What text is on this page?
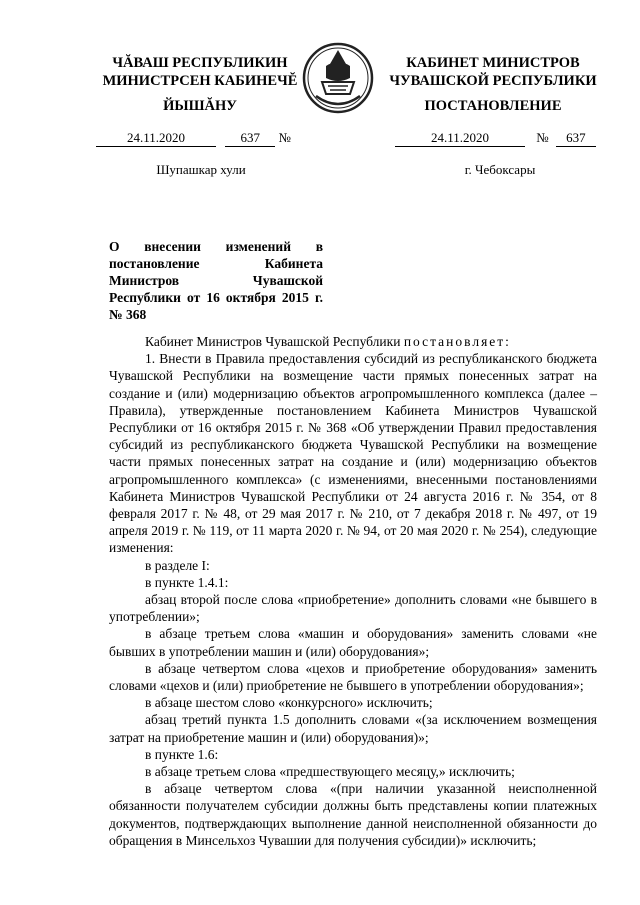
ЧĂВАШ РЕСПУБЛИКИН
МИНИСТРСЕН КАБИНЕЧĔ
ЙЫШĂНУ
24.11.2020	637 №
Шупашкар хули
КАБИНЕТ МИНИСТРОВ
ЧУВАШСКОЙ РЕСПУБЛИКИ
ПОСТАНОВЛЕНИЕ
24.11.2020	№ 637
г. Чебоксары
О внесении изменений в постановление Кабинета Министров Чувашской Республики от 16 октября 2015 г. № 368

Кабинет Министров Чувашской Республики постановляет:

1. Внести в Правила предоставления субсидий из республиканского бюджета Чувашской Республики на возмещение части прямых понесенных затрат на создание и (или) модернизацию объектов агропромышленного комплекса (далее – Правила), утвержденные постановлением Кабинета Министров Чувашской Республики от 16 октября 2015 г. № 368 «Об утверждении Правил предоставления субсидий из республиканского бюджета Чувашской Республики на возмещение части прямых понесенных затрат на создание и (или) модернизацию объектов агропромышленного комплекса» (с изменениями, внесенными постановлениями Кабинета Министров Чувашской Республики от 24 августа 2016 г. № 354, от 8 февраля 2017 г. № 48, от 29 мая 2017 г. № 210, от 7 декабря 2018 г. № 497, от 19 апреля 2019 г. № 119, от 11 марта 2020 г. № 94, от 20 мая 2020 г. № 254), следующие изменения:

в разделе I:

в пункте 1.4.1:

абзац второй после слова «приобретение» дополнить словами «не бывшего в употреблении»;

в абзаце третьем слова «машин и оборудования» заменить словами «не бывших в употреблении машин и (или) оборудования»;

в абзаце четвертом слова «цехов и приобретение оборудования» заменить словами «цехов и (или) приобретение не бывшего в употреблении оборудования»;

в абзаце шестом слово «конкурсного» исключить;

абзац третий пункта 1.5 дополнить словами «(за исключением возмещения затрат на приобретение машин и (или) оборудования)»;

в пункте 1.6:

в абзаце третьем слова «предшествующего месяцу,» исключить;

в абзаце четвертом слова «(при наличии указанной неисполненной обязанности получателем субсидии должны быть представлены копии платежных документов, подтверждающих выполнение данной неисполненной обязанности до обращения в Минсельхоз Чувашии для получения субсидии)» исключить;
